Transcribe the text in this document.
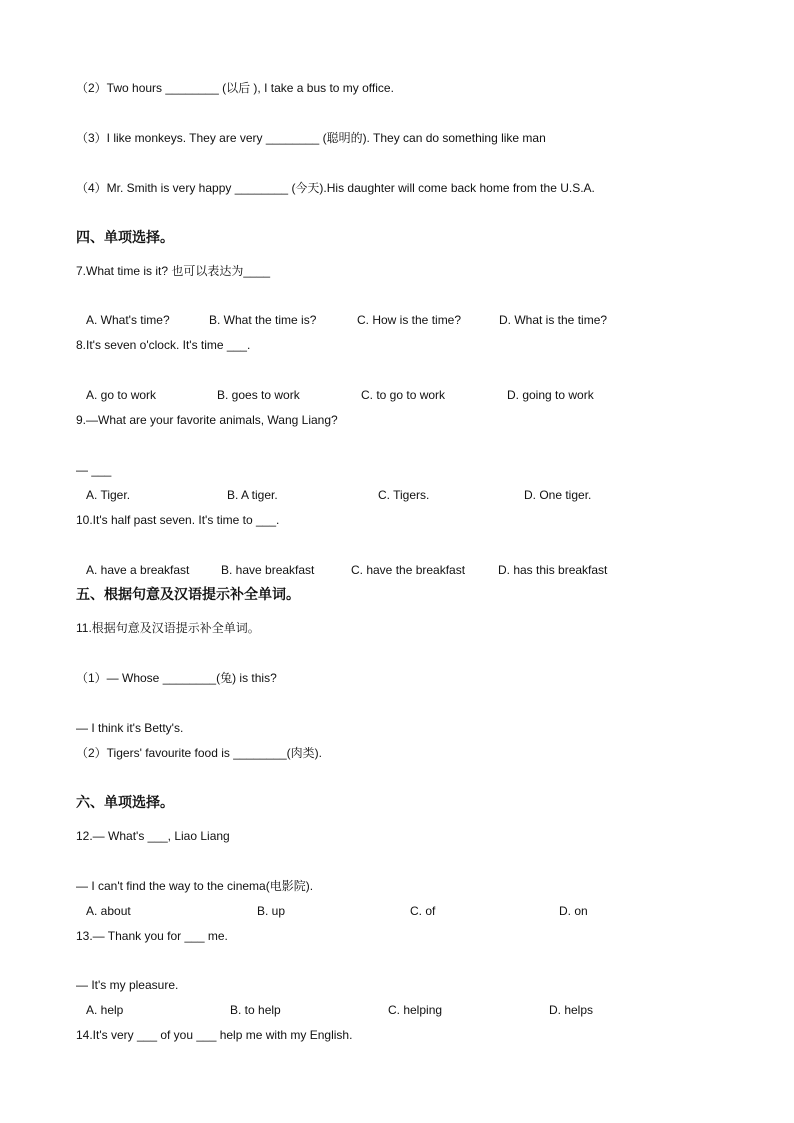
（2）Two hours ________ (以后 ), I take a bus to my office.
（3）I like monkeys. They are very ________ (聪明的). They can do something like man
（4）Mr. Smith is very happy ________ (今天).His daughter will come back home from the U.S.A.
四、单项选择。
7.What time is it? 也可以表达为____
A. What's time?	B. What the time is?	C. How is the time?	D. What is the time?
8.It's seven o'clock. It's time ___.
A. go to work	B. goes to work	C. to go to work	D. going to work
9.—What are your favorite animals, Wang Liang?
— ___
A. Tiger.	B. A tiger.	C. Tigers.	D. One tiger.
10.It's half past seven. It's time to ___.
A. have a breakfast	B. have breakfast	C. have the breakfast	D. has this breakfast
五、根据句意及汉语提示补全单词。
11.根据句意及汉语提示补全单词。
（1）— Whose ________(兔) is this?
— I think it's Betty's.
（2）Tigers' favourite food is ________(肉类).
六、单项选择。
12.— What's ___, Liao Liang
— I can't find the way to the cinema(电影院).
A. about	B. up	C. of	D. on
13.— Thank you for ___ me.
— It's my pleasure.
A. help	B. to help	C. helping	D. helps
14.It's very ___ of you ___ help me with my English.
